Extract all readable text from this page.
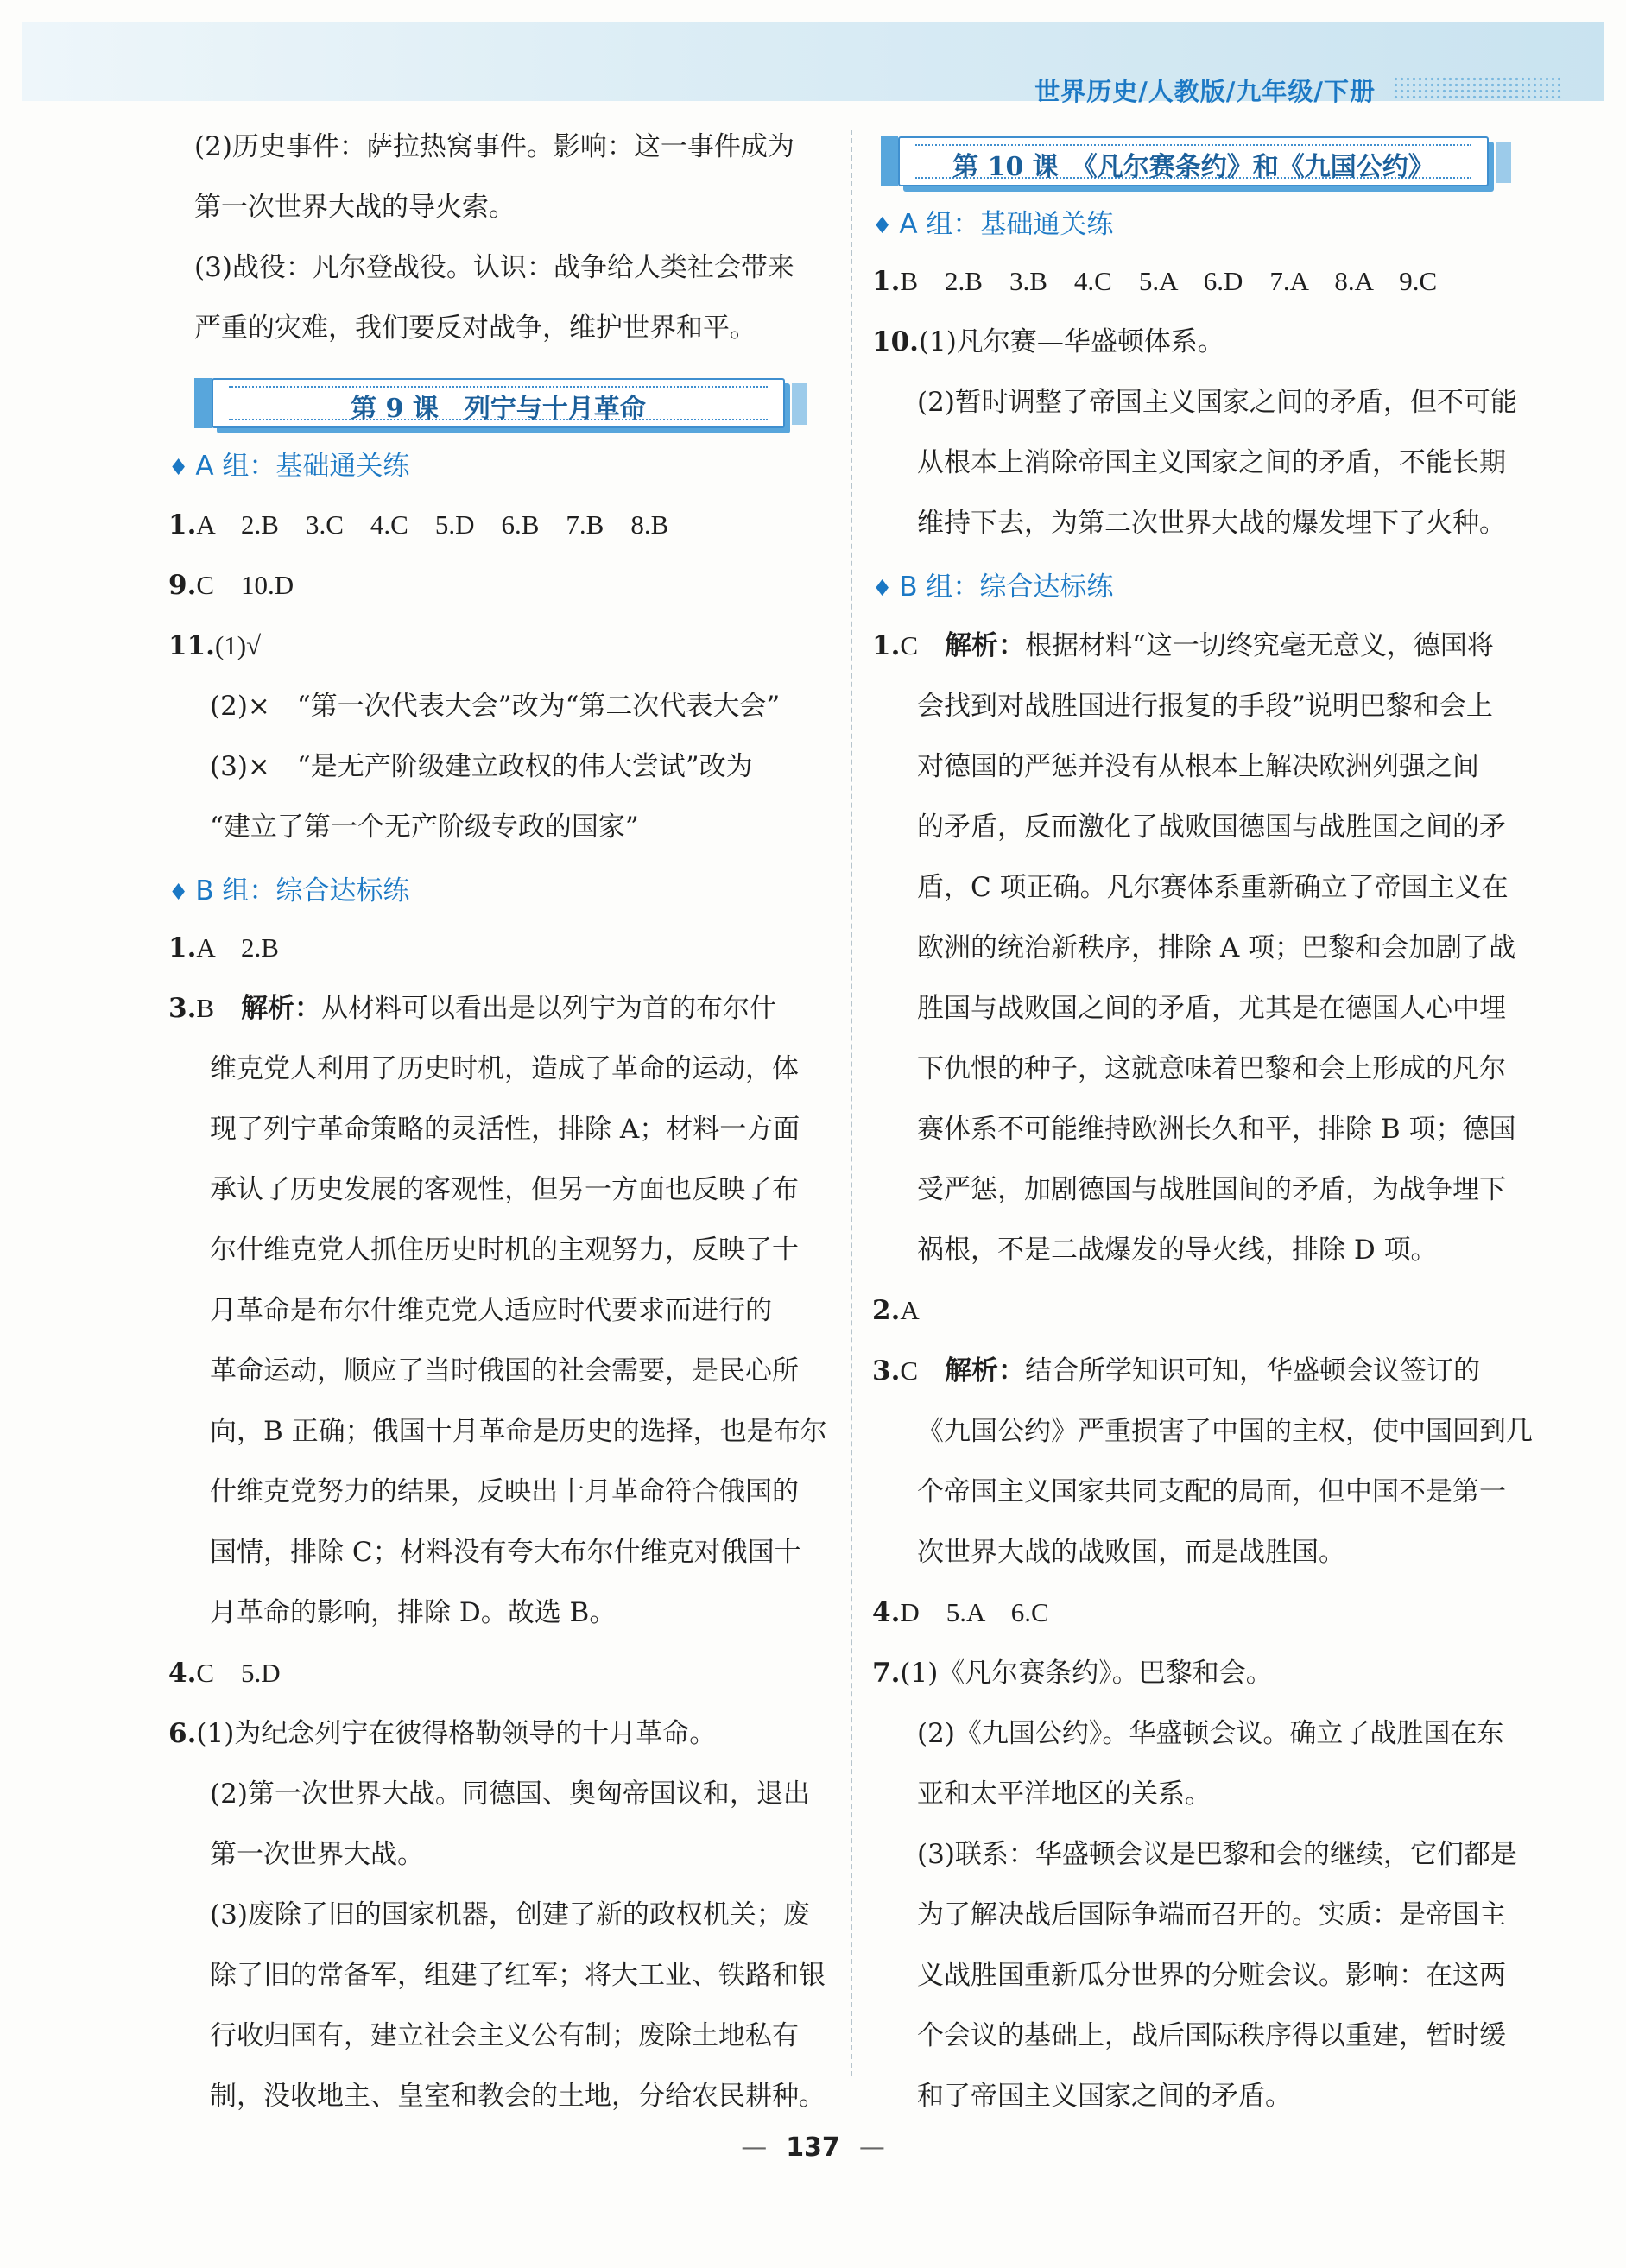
世界历史/人教版/九年级/下册
(2)历史事件：萨拉热窝事件。影响：这一事件成为
第一次世界大战的导火索。
(3)战役：凡尔登战役。认识：战争给人类社会带来
严重的灾难，我们要反对战争，维护世界和平。
第 9 课　列宁与十月革命
♦ A 组：基础通关练
1.A　2.B　3.C　4.C　5.D　6.B　7.B　8.B
9.C　10.D
11.(1)√
(2)×　“第一次代表大会”改为“第二次代表大会”
(3)×　“是无产阶级建立政权的伟大尝试”改为
“建立了第一个无产阶级专政的国家”
♦ B 组：综合达标练
1.A　2.B
3.B　 解析：从材料可以看出是以列宁为首的布尔什
维克党人利用了历史时机，造成了革命的运动，体
现了列宁革命策略的灵活性，排除 A；材料一方面
承认了历史发展的客观性，但另一方面也反映了布
尔什维克党人抓住历史时机的主观努力，反映了十
月革命是布尔什维克党人适应时代要求而进行的
革命运动，顺应了当时俄国的社会需要，是民心所
向，B 正确；俄国十月革命是历史的选择，也是布尔
什维克党努力的结果，反映出十月革命符合俄国的
国情，排除 C；材料没有夸大布尔什维克对俄国十
月革命的影响，排除 D。故选 B。
4.C　5.D
6.(1)为纪念列宁在彼得格勒领导的十月革命。
(2)第一次世界大战。同德国、奥匈帝国议和，退出
第一次世界大战。
(3)废除了旧的国家机器，创建了新的政权机关；废
除了旧的常备军，组建了红军；将大工业、铁路和银
行收归国有，建立社会主义公有制；废除土地私有
制，没收地主、皇室和教会的土地，分给农民耕种。
第 10 课　《凡尔赛条约》和《九国公约》
♦ A 组：基础通关练
1.B　2.B　3.B　4.C　5.A　6.D　7.A　8.A　9.C
10.(1)凡尔赛—华盛顿体系。
(2)暂时调整了帝国主义国家之间的矛盾，但不可能
从根本上消除帝国主义国家之间的矛盾，不能长期
维持下去，为第二次世界大战的爆发埋下了火种。
♦ B 组：综合达标练
1.C　 解析：根据材料“这一切终究毫无意义，德国将
会找到对战胜国进行报复的手段”说明巴黎和会上
对德国的严惩并没有从根本上解决欧洲列强之间
的矛盾，反而激化了战败国德国与战胜国之间的矛
盾，C 项正确。凡尔赛体系重新确立了帝国主义在
欧洲的统治新秩序，排除 A 项；巴黎和会加剧了战
胜国与战败国之间的矛盾，尤其是在德国人心中埋
下仇恨的种子，这就意味着巴黎和会上形成的凡尔
赛体系不可能维持欧洲长久和平，排除 B 项；德国
受严惩，加剧德国与战胜国间的矛盾，为战争埋下
祸根，不是二战爆发的导火线，排除 D 项。
2.A
3.C　 解析：结合所学知识可知，华盛顿会议签订的
《九国公约》严重损害了中国的主权，使中国回到几
个帝国主义国家共同支配的局面，但中国不是第一
次世界大战的战败国，而是战胜国。
4.D　5.A　6.C
7.(1)《凡尔赛条约》。巴黎和会。
(2)《九国公约》。华盛顿会议。确立了战胜国在东
亚和太平洋地区的关系。
(3)联系：华盛顿会议是巴黎和会的继续，它们都是
为了解决战后国际争端而召开的。实质：是帝国主
义战胜国重新瓜分世界的分赃会议。影响：在这两
个会议的基础上，战后国际秩序得以重建，暂时缓
和了帝国主义国家之间的矛盾。
— 137 —
